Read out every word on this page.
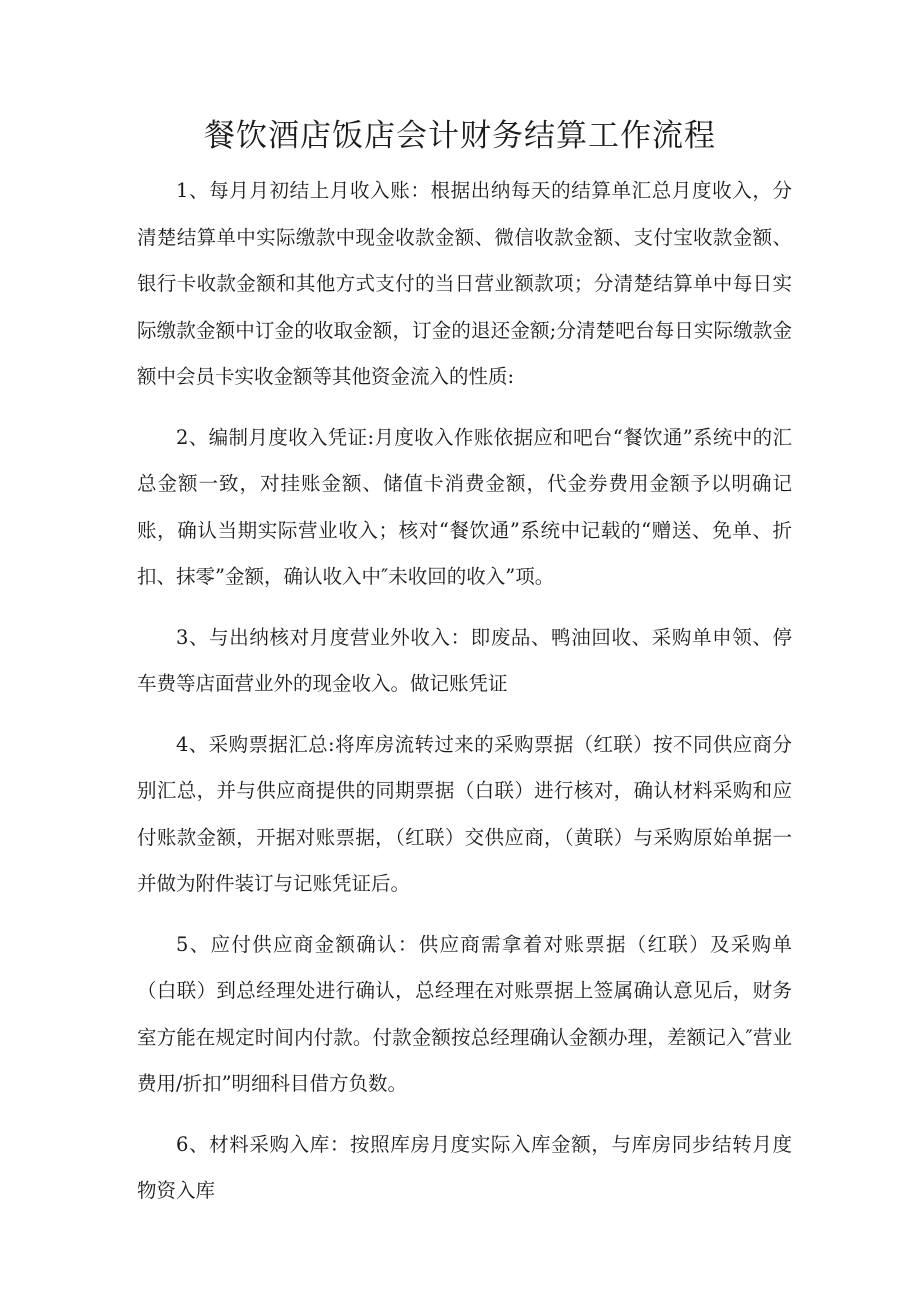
餐饮酒店饭店会计财务结算工作流程

1、每月月初结上月收入账：根据出纳每天的结算单汇总月度收入，分清楚结算单中实际缴款中现金收款金额、微信收款金额、支付宝收款金额、银行卡收款金额和其他方式支付的当日营业额款项；分清楚结算单中每日实际缴款金额中订金的收取金额，订金的退还金额;分清楚吧台每日实际缴款金额中会员卡实收金额等其他资金流入的性质:

2、编制月度收入凭证:月度收入作账依据应和吧台“餐饮通”系统中的汇总金额一致，对挂账金额、储值卡消费金额，代金券费用金额予以明确记账，确认当期实际营业收入；核对“餐饮通”系统中记载的“赠送、免单、折扣、抹零”金额，确认收入中″未收回的收入”项。

3、与出纳核对月度营业外收入：即废品、鸭油回收、采购单申领、停车费等店面营业外的现金收入。做记账凭证

4、采购票据汇总:将库房流转过来的采购票据（红联）按不同供应商分别汇总，并与供应商提供的同期票据（白联）进行核对，确认材料采购和应付账款金额，开据对账票据，（红联）交供应商，（黄联）与采购原始单据一并做为附件装订与记账凭证后。

5、应付供应商金额确认：供应商需拿着对账票据（红联）及采购单（白联）到总经理处进行确认，总经理在对账票据上签属确认意见后，财务室方能在规定时间内付款。付款金额按总经理确认金额办理，差额记入″营业费用/折扣”明细科目借方负数。

6、材料采购入库：按照库房月度实际入库金额，与库房同步结转月度物资入库
